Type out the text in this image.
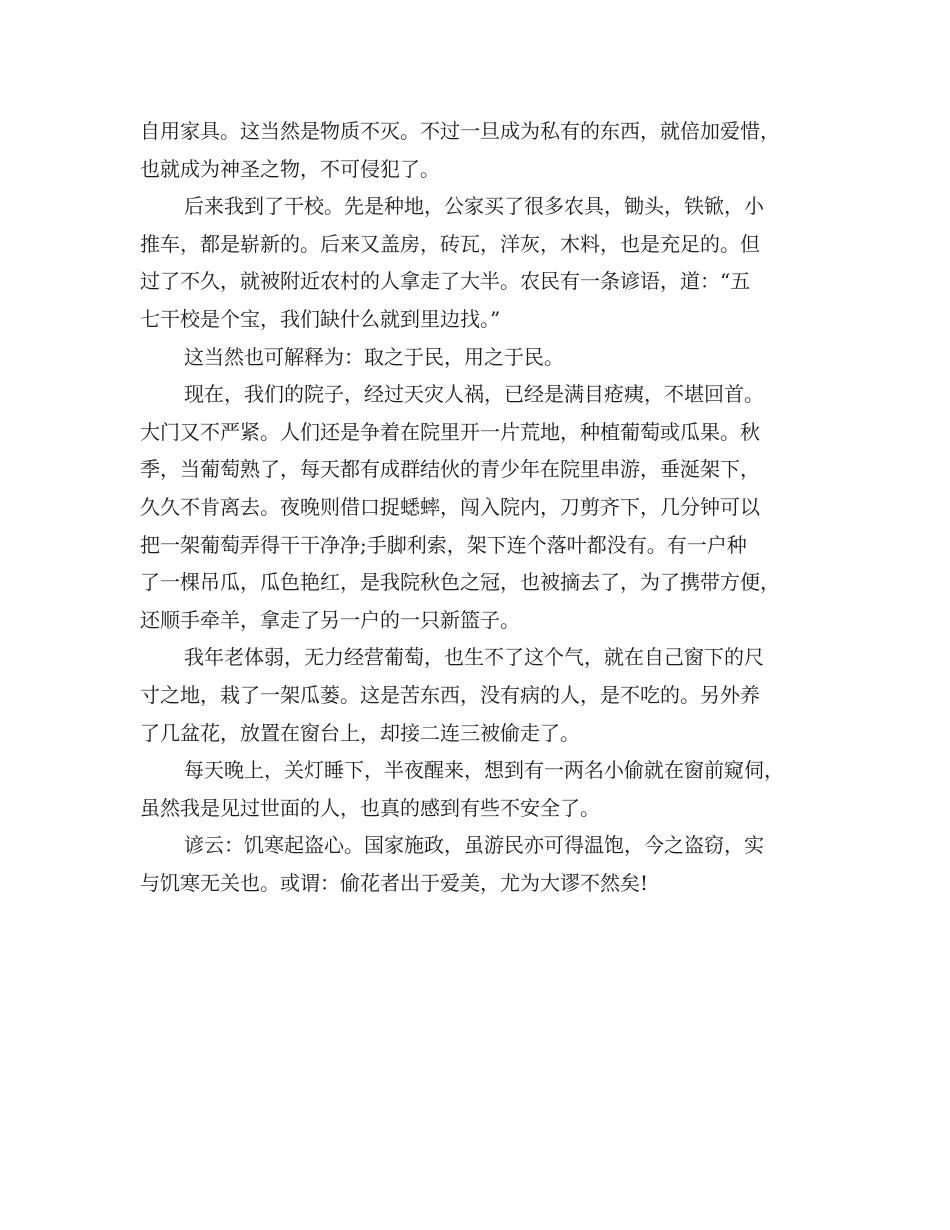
自用家具。这当然是物质不灭。不过一旦成为私有的东西，就倍加爱惜，
也就成为神圣之物，不可侵犯了。
后来我到了干校。先是种地，公家买了很多农具，锄头，铁锨，小
推车，都是崭新的。后来又盖房，砖瓦，洋灰，木料，也是充足的。但
过了不久，就被附近农村的人拿走了大半。农民有一条谚语，道：“五
七干校是个宝，我们缺什么就到里边找。”
这当然也可解释为：取之于民，用之于民。
现在，我们的院子，经过天灾人祸，已经是满目疮痍，不堪回首。
大门又不严紧。人们还是争着在院里开一片荒地，种植葡萄或瓜果。秋
季，当葡萄熟了，每天都有成群结伙的青少年在院里串游，垂涎架下，
久久不肯离去。夜晚则借口捉蟋蟀，闯入院内，刀剪齐下，几分钟可以
把一架葡萄弄得干干净净;手脚利索，架下连个落叶都没有。有一户种
了一棵吊瓜，瓜色艳红，是我院秋色之冠，也被摘去了，为了携带方便，
还顺手牵羊，拿走了另一户的一只新篮子。
我年老体弱，无力经营葡萄，也生不了这个气，就在自己窗下的尺
寸之地，栽了一架瓜蒌。这是苦东西，没有病的人，是不吃的。另外养
了几盆花，放置在窗台上，却接二连三被偷走了。
每天晚上，关灯睡下，半夜醒来，想到有一两名小偷就在窗前窥伺，
虽然我是见过世面的人，也真的感到有些不安全了。
谚云：饥寒起盗心。国家施政，虽游民亦可得温饱，今之盗窃，实
与饥寒无关也。或谓：偷花者出于爱美，尤为大谬不然矣!
